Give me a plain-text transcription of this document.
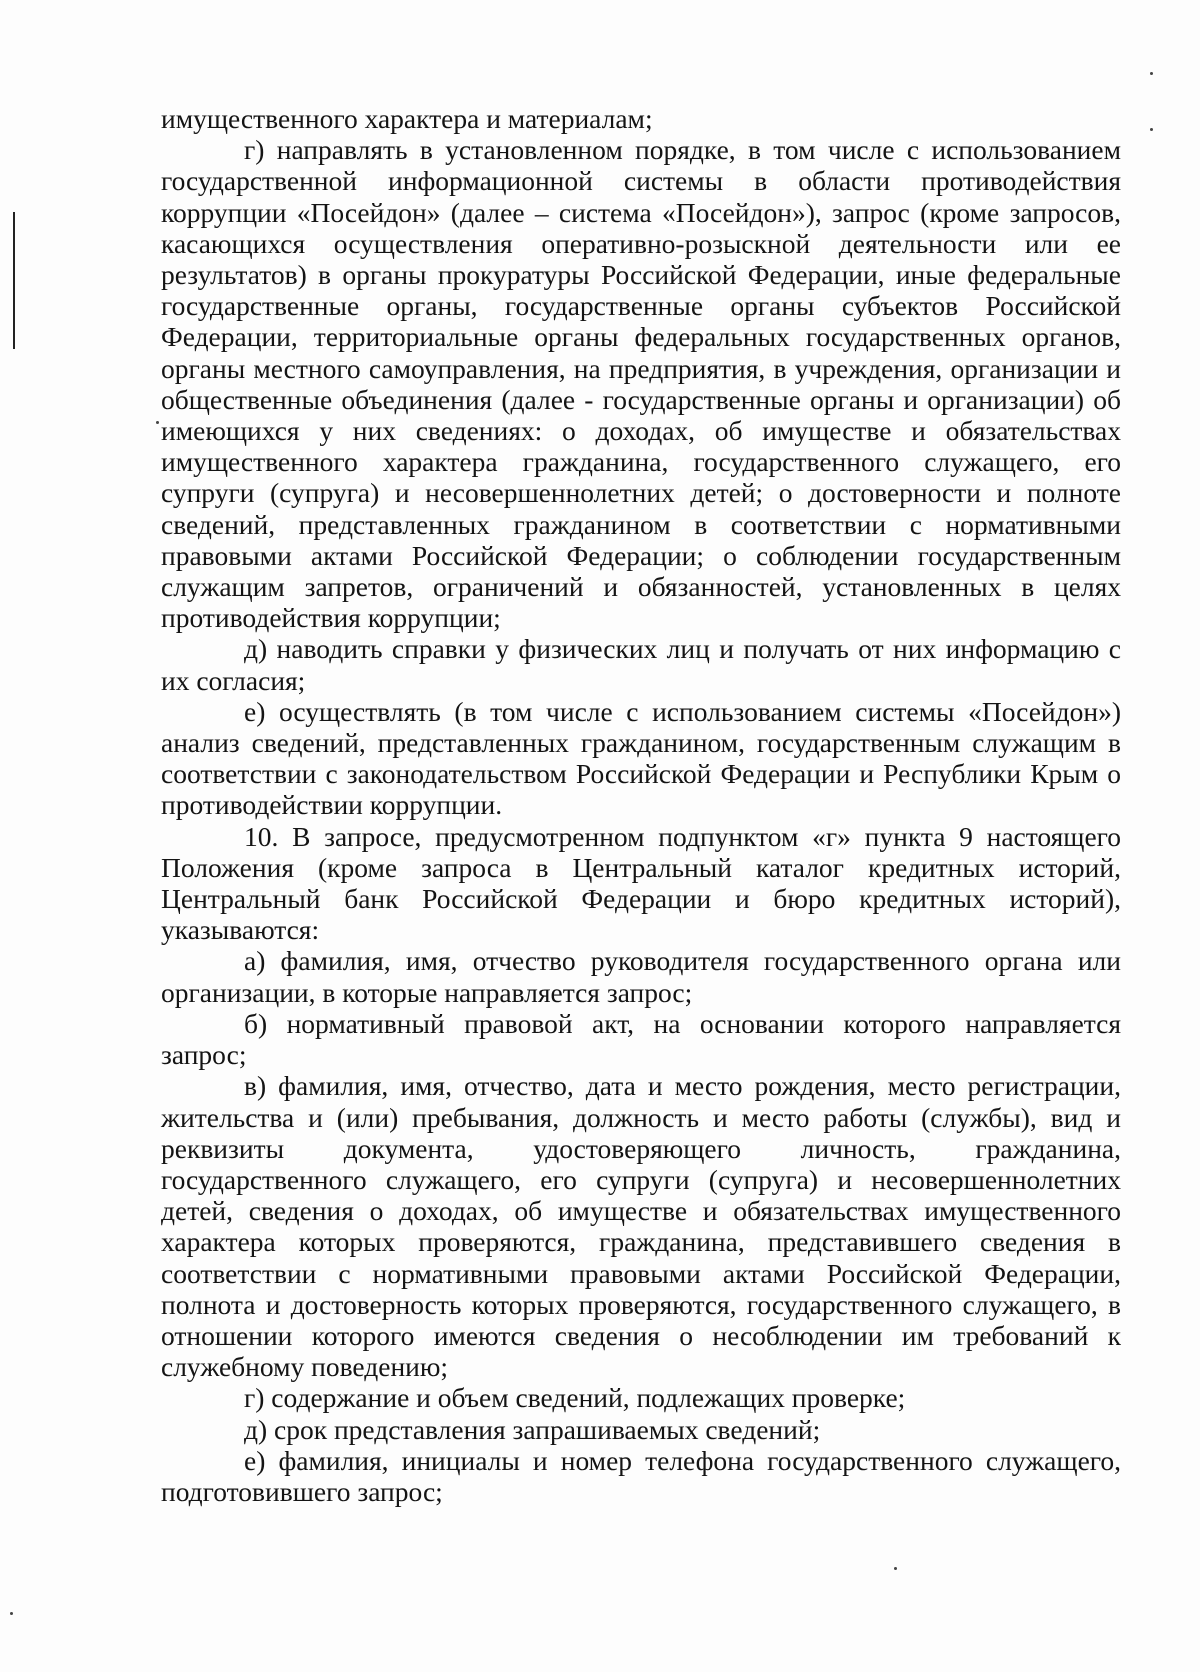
имущественного характера и материалам;

г) направлять в установленном порядке, в том числе с использованием государственной информационной системы в области противодействия коррупции «Посейдон» (далее – система «Посейдон»), запрос (кроме запросов, касающихся осуществления оперативно-розыскной деятельности или ее результатов) в органы прокуратуры Российской Федерации, иные федеральные государственные органы, государственные органы субъектов Российской Федерации, территориальные органы федеральных государственных органов, органы местного самоуправления, на предприятия, в учреждения, организации и общественные объединения (далее - государственные органы и организации) об имеющихся у них сведениях: о доходах, об имуществе и обязательствах имущественного характера гражданина, государственного служащего, его супруги (супруга) и несовершеннолетних детей; о достоверности и полноте сведений, представленных гражданином в соответствии с нормативными правовыми актами Российской Федерации; о соблюдении государственным служащим запретов, ограничений и обязанностей, установленных в целях противодействия коррупции;

д) наводить справки у физических лиц и получать от них информацию с их согласия;

е) осуществлять (в том числе с использованием системы «Посейдон») анализ сведений, представленных гражданином, государственным служащим в соответствии с законодательством Российской Федерации и Республики Крым о противодействии коррупции.

10. В запросе, предусмотренном подпунктом «г» пункта 9 настоящего Положения (кроме запроса в Центральный каталог кредитных историй, Центральный банк Российской Федерации и бюро кредитных историй), указываются:

а) фамилия, имя, отчество руководителя государственного органа или организации, в которые направляется запрос;

б) нормативный правовой акт, на основании которого направляется запрос;

в) фамилия, имя, отчество, дата и место рождения, место регистрации, жительства и (или) пребывания, должность и место работы (службы), вид и реквизиты документа, удостоверяющего личность, гражданина, государственного служащего, его супруги (супруга) и несовершеннолетних детей, сведения о доходах, об имуществе и обязательствах имущественного характера которых проверяются, гражданина, представившего сведения в соответствии с нормативными правовыми актами Российской Федерации, полнота и достоверность которых проверяются, государственного служащего, в отношении которого имеются сведения о несоблюдении им требований к служебному поведению;

г) содержание и объем сведений, подлежащих проверке;

д) срок представления запрашиваемых сведений;

е) фамилия, инициалы и номер телефона государственного служащего, подготовившего запрос;
